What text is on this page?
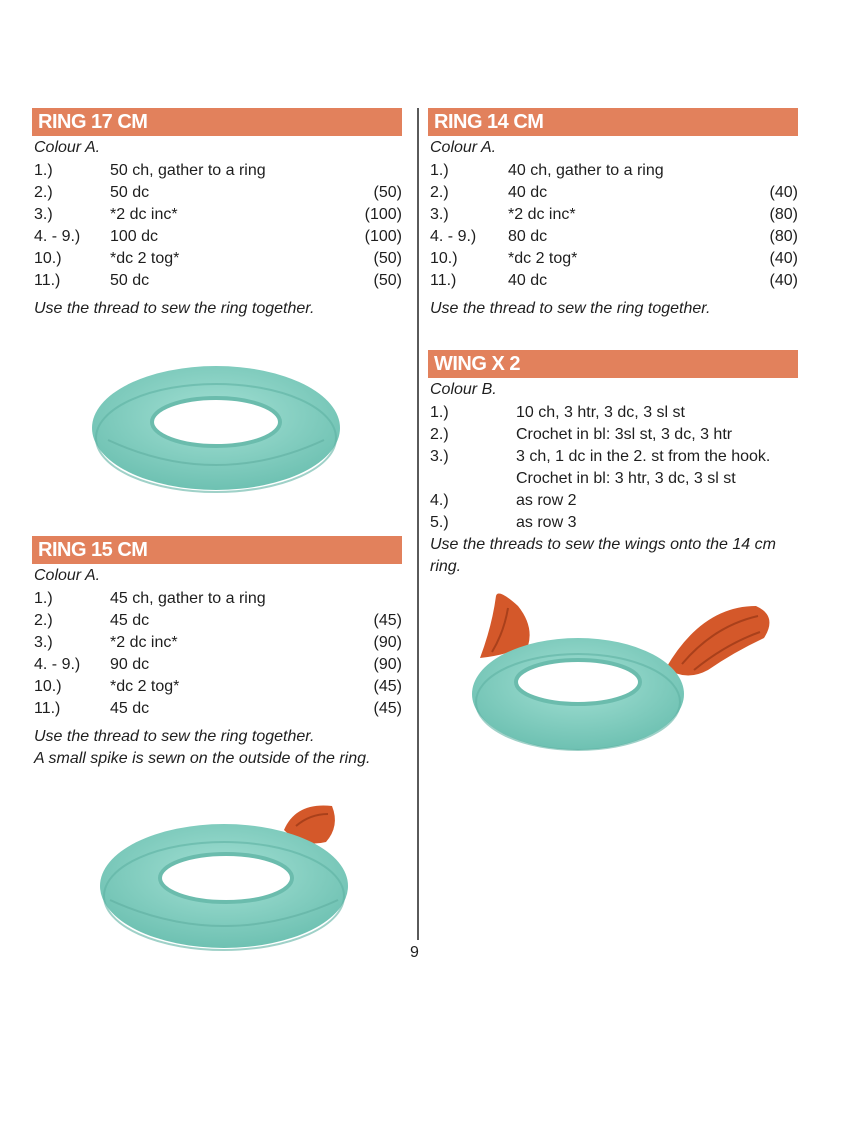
RING 17 CM
Colour A.
1.)	50 ch, gather to a ring
2.)	50 dc	(50)
3.)	*2 dc inc*	(100)
4. - 9.) 100 dc	(100)
10.)	*dc 2 tog*	(50)
11.)	50 dc	(50)
Use the thread to sew the ring together.
RING 15 CM
Colour A.
1.)	45 ch, gather to a ring
2.)	45 dc	(45)
3.)	*2 dc inc*	(90)
4. - 9.) 90 dc	(90)
10.)	*dc 2 tog*	(45)
11.)	45 dc	(45)
Use the thread to sew the ring together.
A small spike is sewn on the outside of the ring.
RING 14 CM
Colour A.
1.)	40 ch, gather to a ring
2.)	40 dc	(40)
3.)	*2 dc inc*	(80)
4. - 9.) 80 dc	(80)
10.)	*dc 2 tog*	(40)
11.)	40 dc	(40)
Use the thread to sew the ring together.
WING X 2
Colour B.
1.)	10 ch, 3 htr, 3 dc, 3 sl st
2.)	Crochet in bl: 3sl st, 3 dc, 3 htr
3.)	3 ch, 1 dc in the 2. st from the hook.
Crochet in bl: 3 htr, 3 dc, 3 sl st
4.)	as row 2
5.)	as row 3
Use the threads to sew the wings onto the 14 cm ring.
9
